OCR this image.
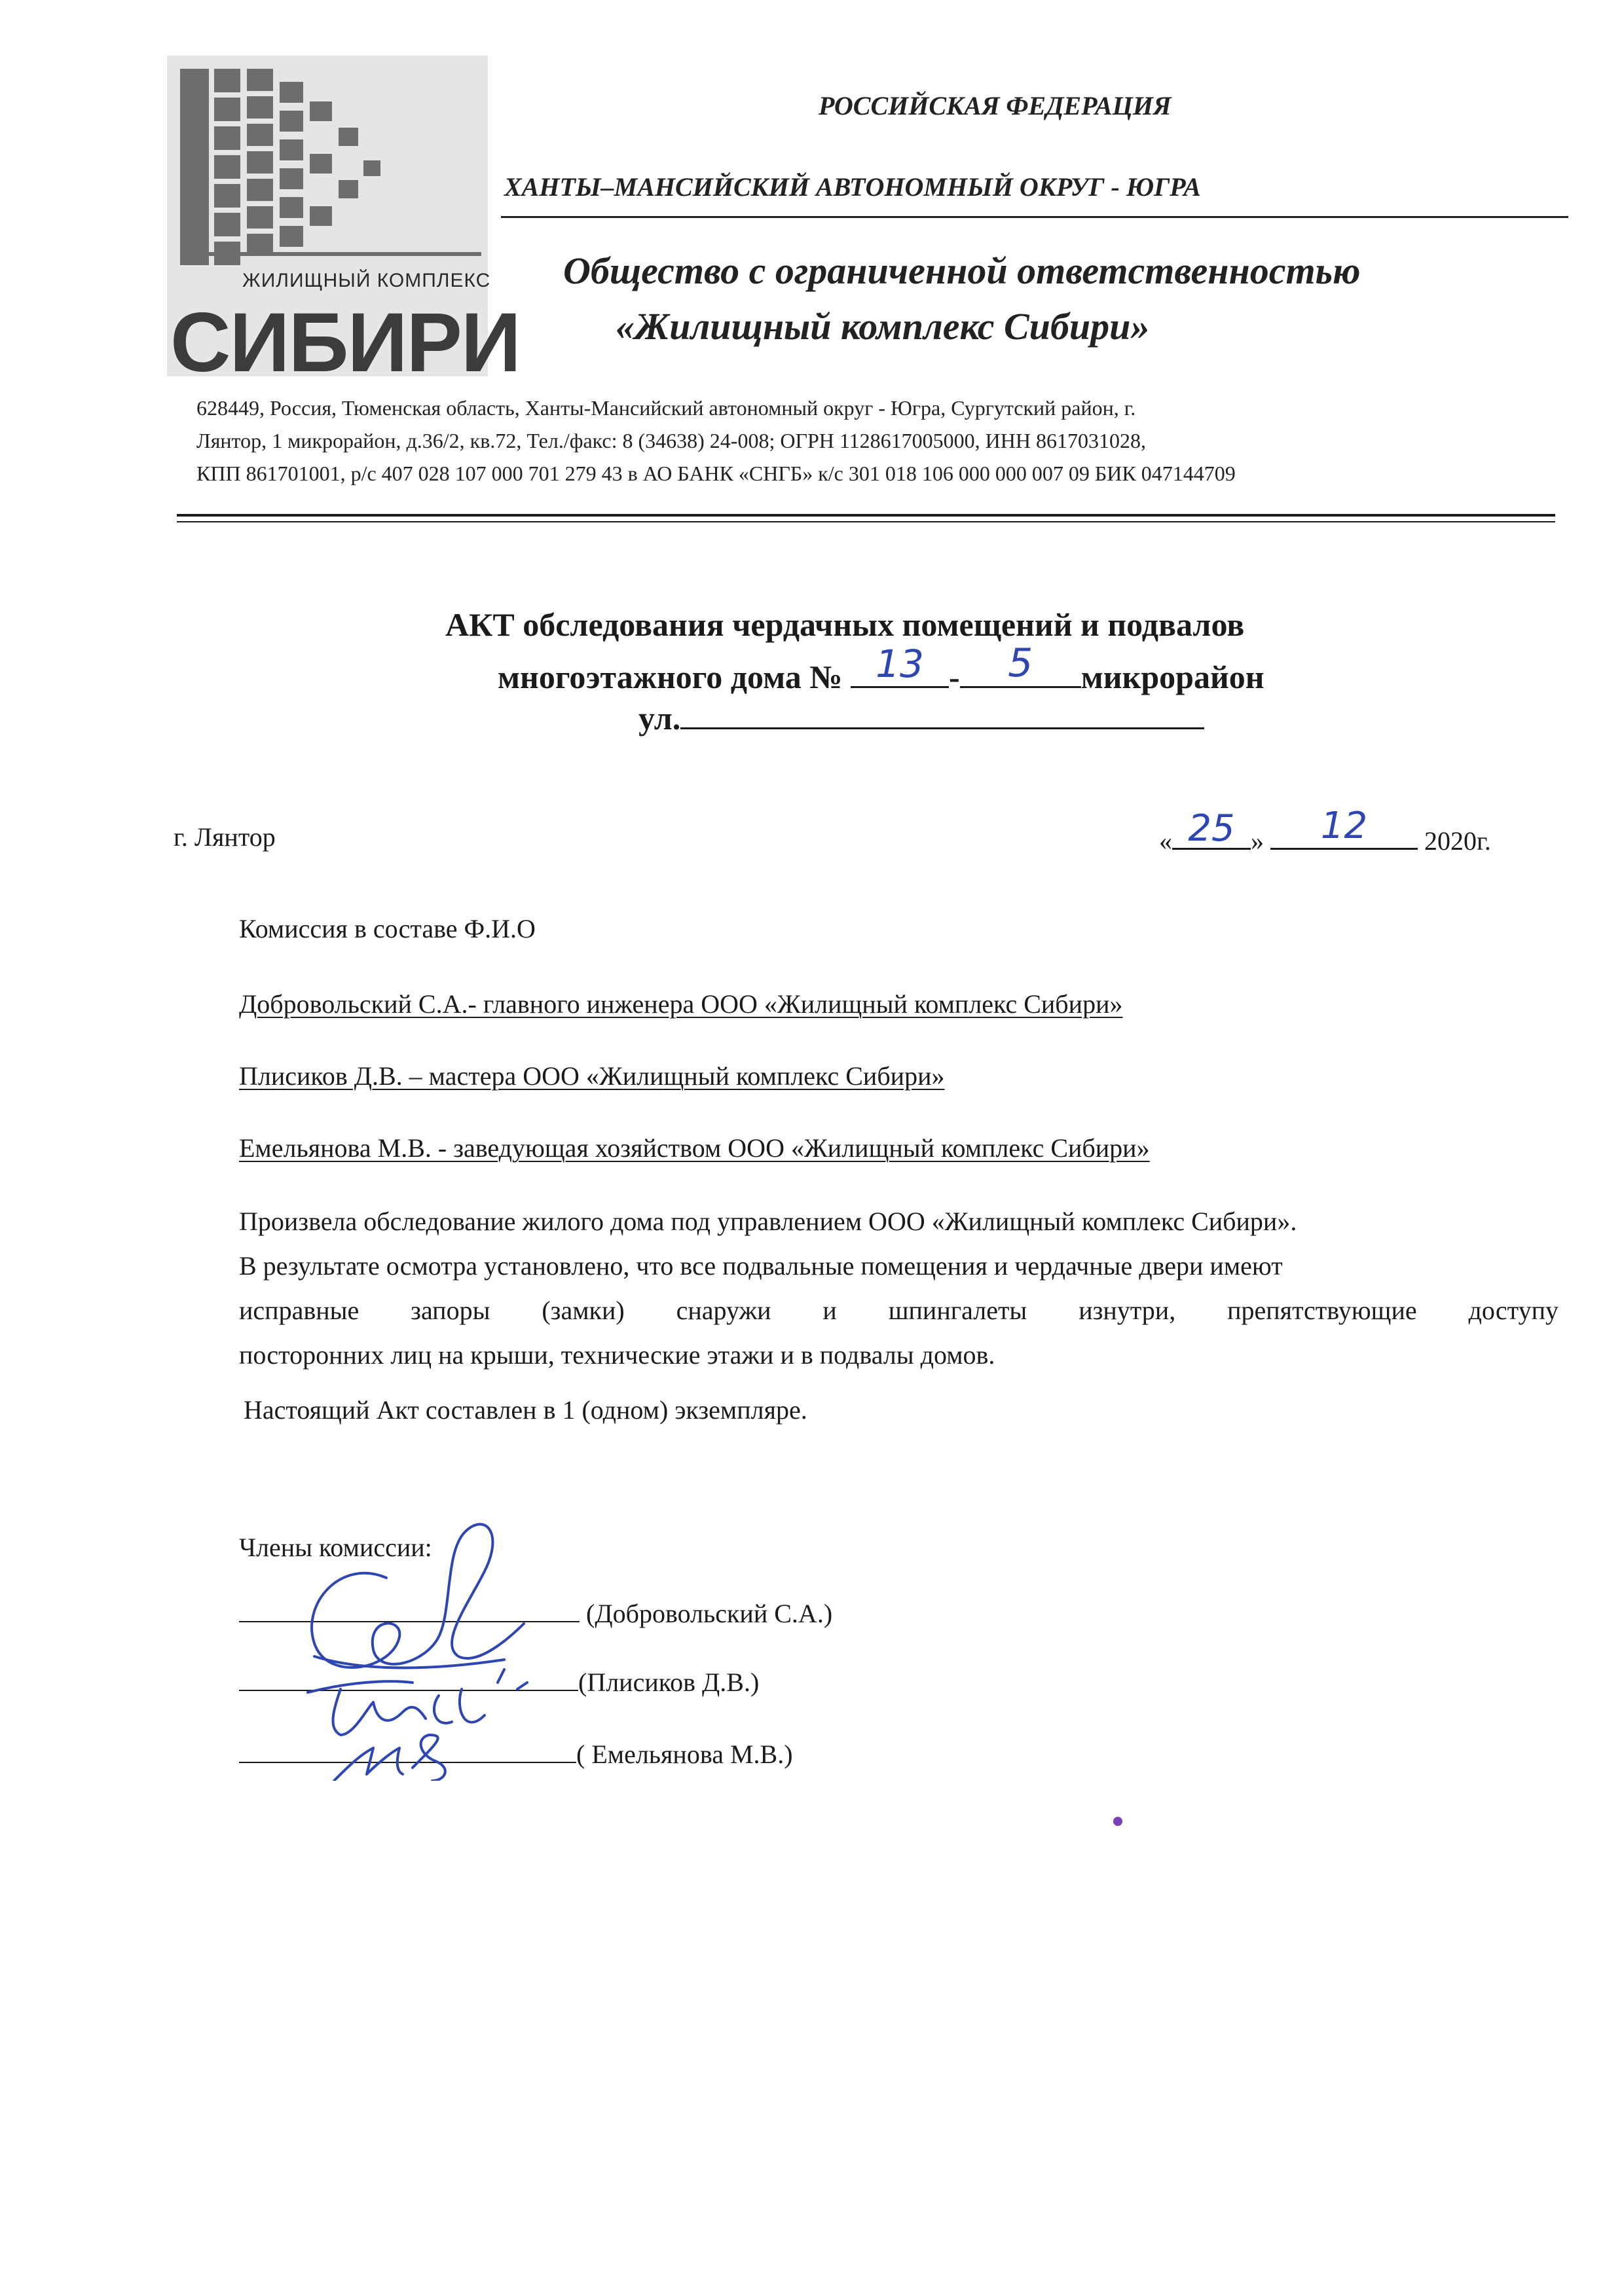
ЖИЛИЩНЫЙ КОМПЛЕКС
СИБИРИ
РОССИЙСКАЯ ФЕДЕРАЦИЯ
ХАНТЫ–МАНСИЙСКИЙ АВТОНОМНЫЙ ОКРУГ - ЮГРА
Общество с ограниченной ответственностью
«Жилищный комплекс Сибири»
628449, Россия, Тюменская область, Ханты-Мансийский автономный округ - Югра, Сургутский район, г.
Лянтор, 1 микрорайон, д.36/2, кв.72, Тел./факс: 8 (34638) 24-008; ОГРН 1128617005000, ИНН 8617031028,
КПП 861701001, р/с 407 028 107 000 701 279 43 в АО БАНК «СНГБ» к/с 301 018 106 000 000 007 09 БИК 047144709
АКТ обследования чердачных помещений и подвалов
многоэтажного дома № 13 -	5	микрорайон
ул.
г. Лянтор	« 25 »	12	2020г.
Комиссия в составе Ф.И.О
Добровольский С.А.- главного инженера ООО «Жилищный комплекс Сибири»
Плисиков Д.В. – мастера ООО «Жилищный комплекс Сибири»
Емельянова М.В. - заведующая хозяйством ООО «Жилищный комплекс Сибири»
Произвела обследование жилого дома под управлением ООО «Жилищный комплекс Сибири».
В результате осмотра установлено, что все подвальные помещения и чердачные двери имеют
исправные запоры (замки) снаружи и шпингалеты изнутри, препятствующие доступу
посторонних лиц на крыши, технические этажи и в подвалы домов.
Настоящий Акт составлен в 1 (одном) экземпляре.
Члены комиссии:
(Добровольский С.А.)
(Плисиков Д.В.)
( Емельянова М.В.)
